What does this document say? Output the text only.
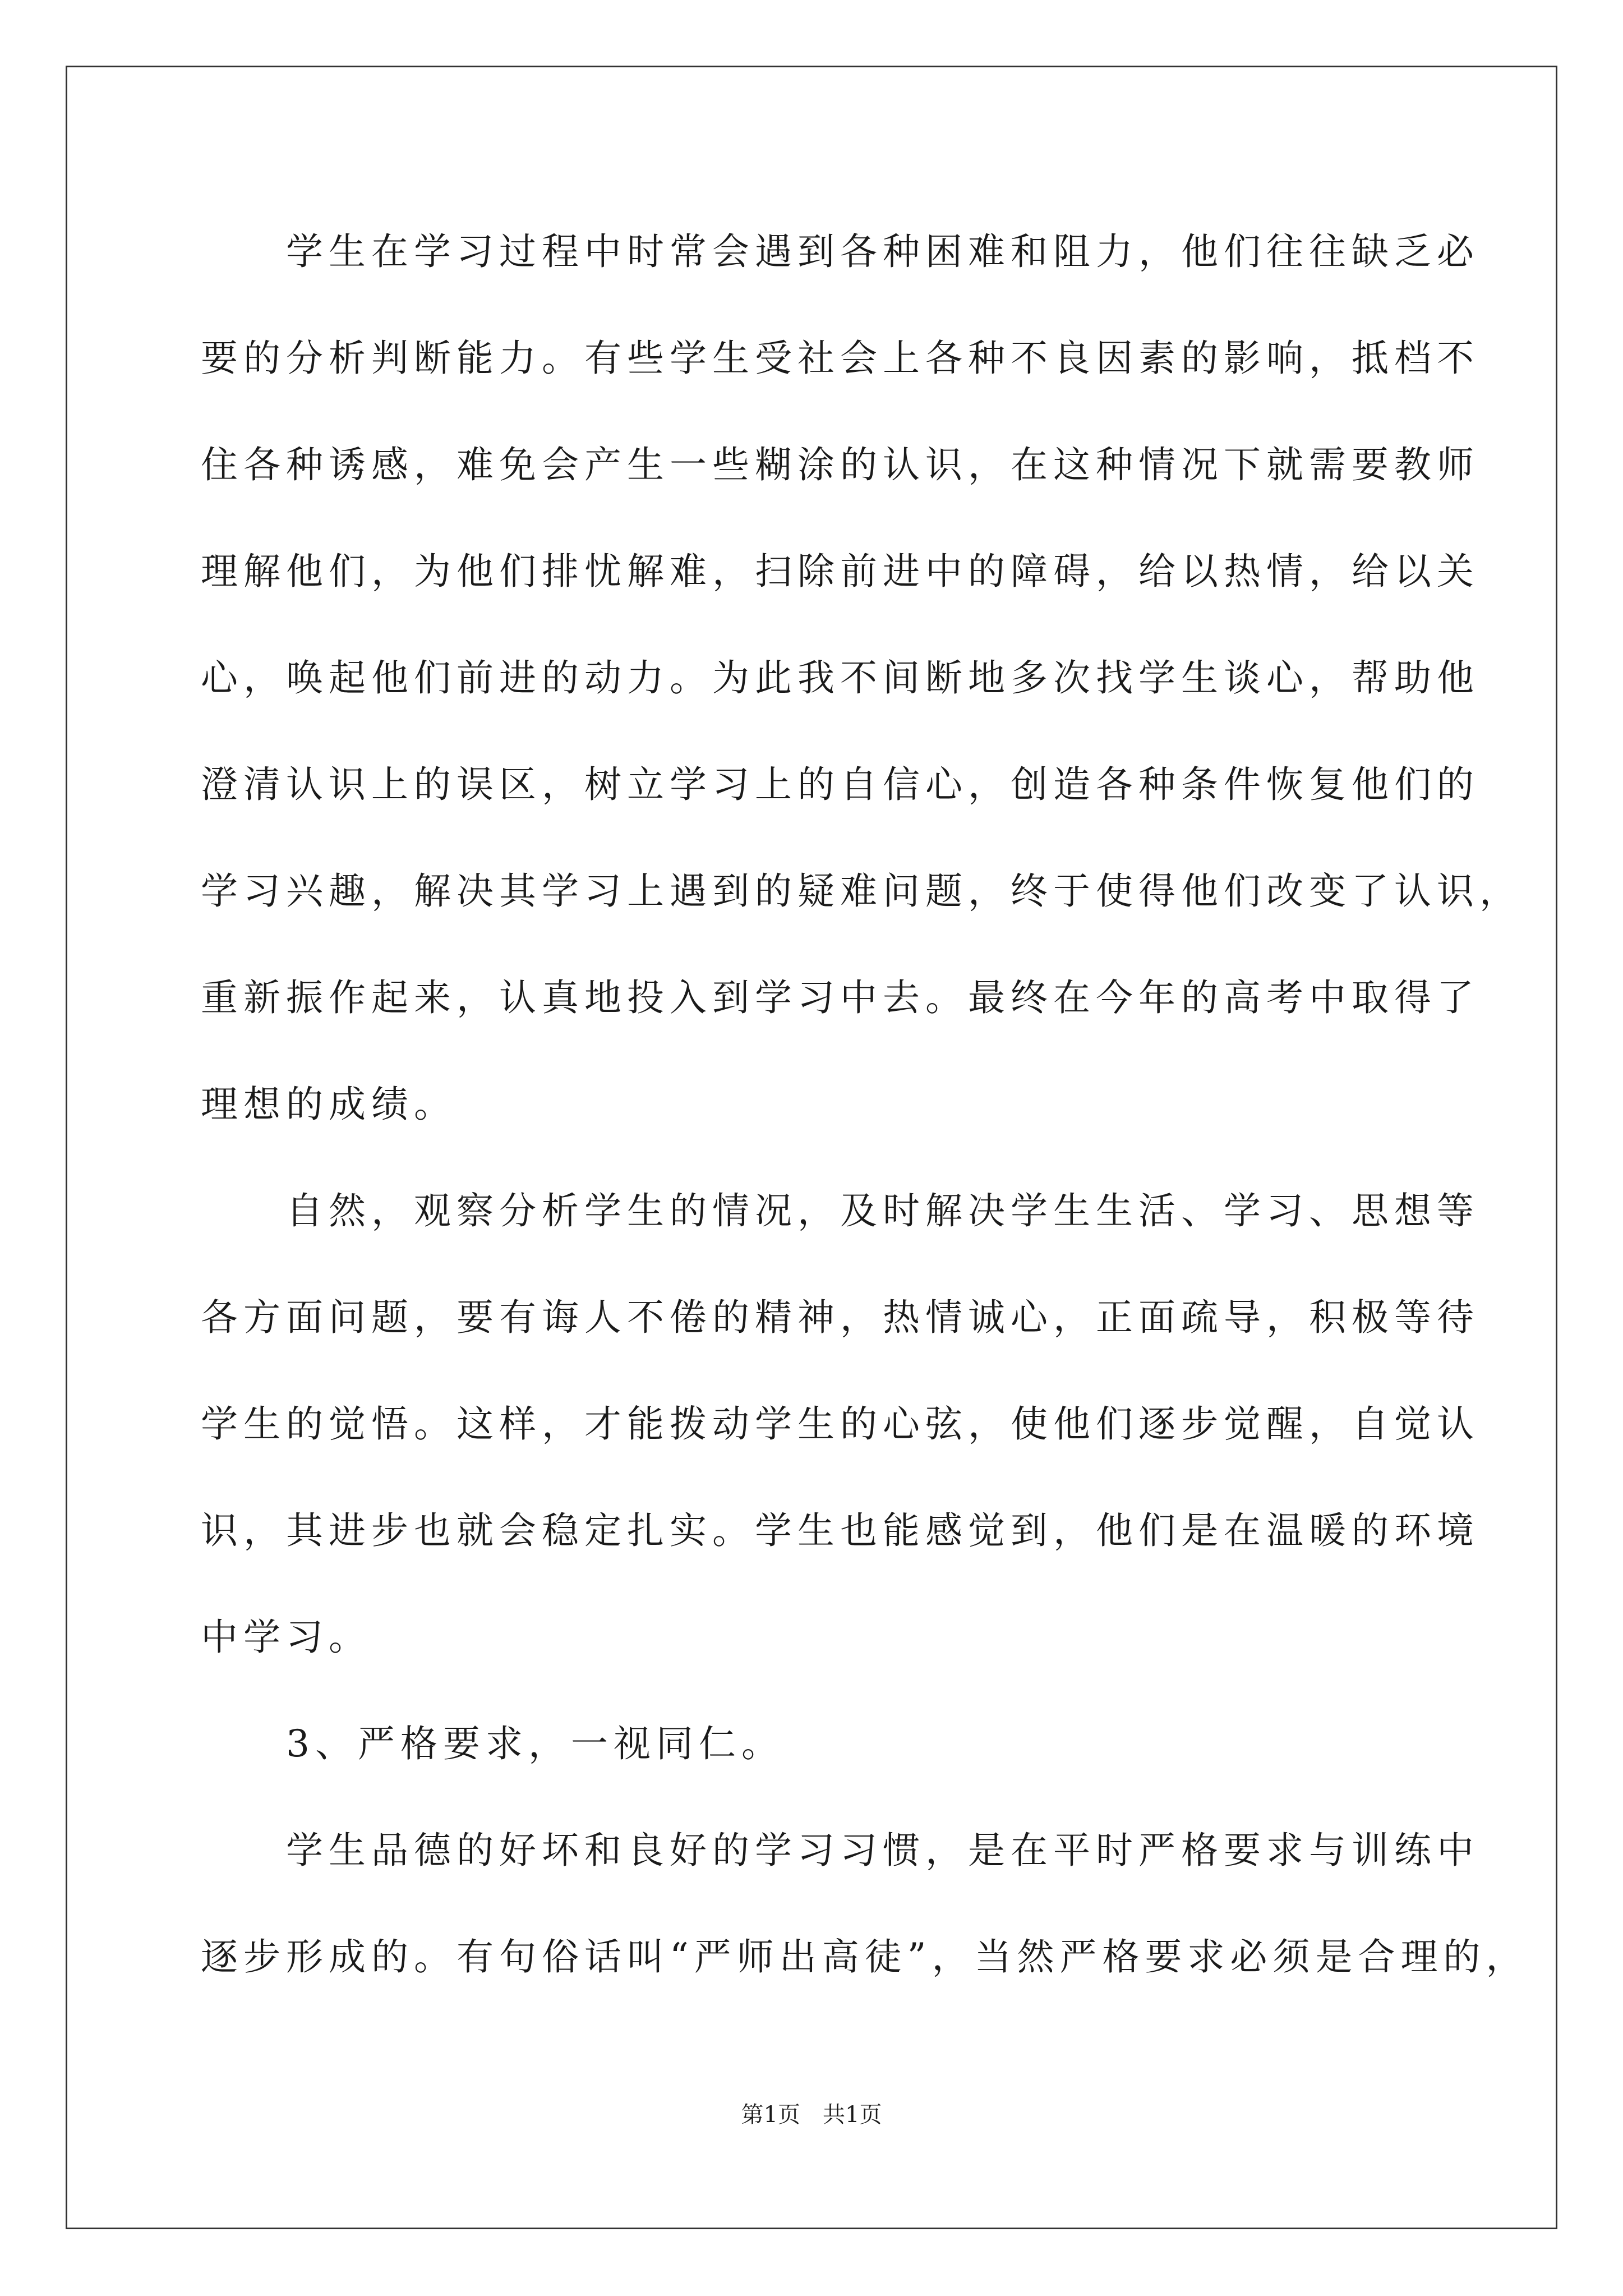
　　学生在学习过程中时常会遇到各种困难和阻力，他们往往缺乏必
要的分析判断能力。有些学生受社会上各种不良因素的影响，抵档不
住各种诱感，难免会产生一些糊涂的认识，在这种情况下就需要教师
理解他们，为他们排忧解难，扫除前进中的障碍，给以热情，给以关
心，唤起他们前进的动力。为此我不间断地多次找学生谈心，帮助他
澄清认识上的误区，树立学习上的自信心，创造各种条件恢复他们的
学习兴趣，解决其学习上遇到的疑难问题，终于使得他们改变了认识，
重新振作起来，认真地投入到学习中去。最终在今年的高考中取得了
理想的成绩。
　　自然，观察分析学生的情况，及时解决学生生活、学习、思想等
各方面问题，要有诲人不倦的精神，热情诚心，正面疏导，积极等待
学生的觉悟。这样，才能拨动学生的心弦，使他们逐步觉醒，自觉认
识，其进步也就会稳定扎实。学生也能感觉到，他们是在温暖的环境
中学习。
　　3、严格要求，一视同仁。
　　学生品德的好坏和良好的学习习惯，是在平时严格要求与训练中
逐步形成的。有句俗话叫“严师出高徒”，当然严格要求必须是合理的，
第1页　共1页
